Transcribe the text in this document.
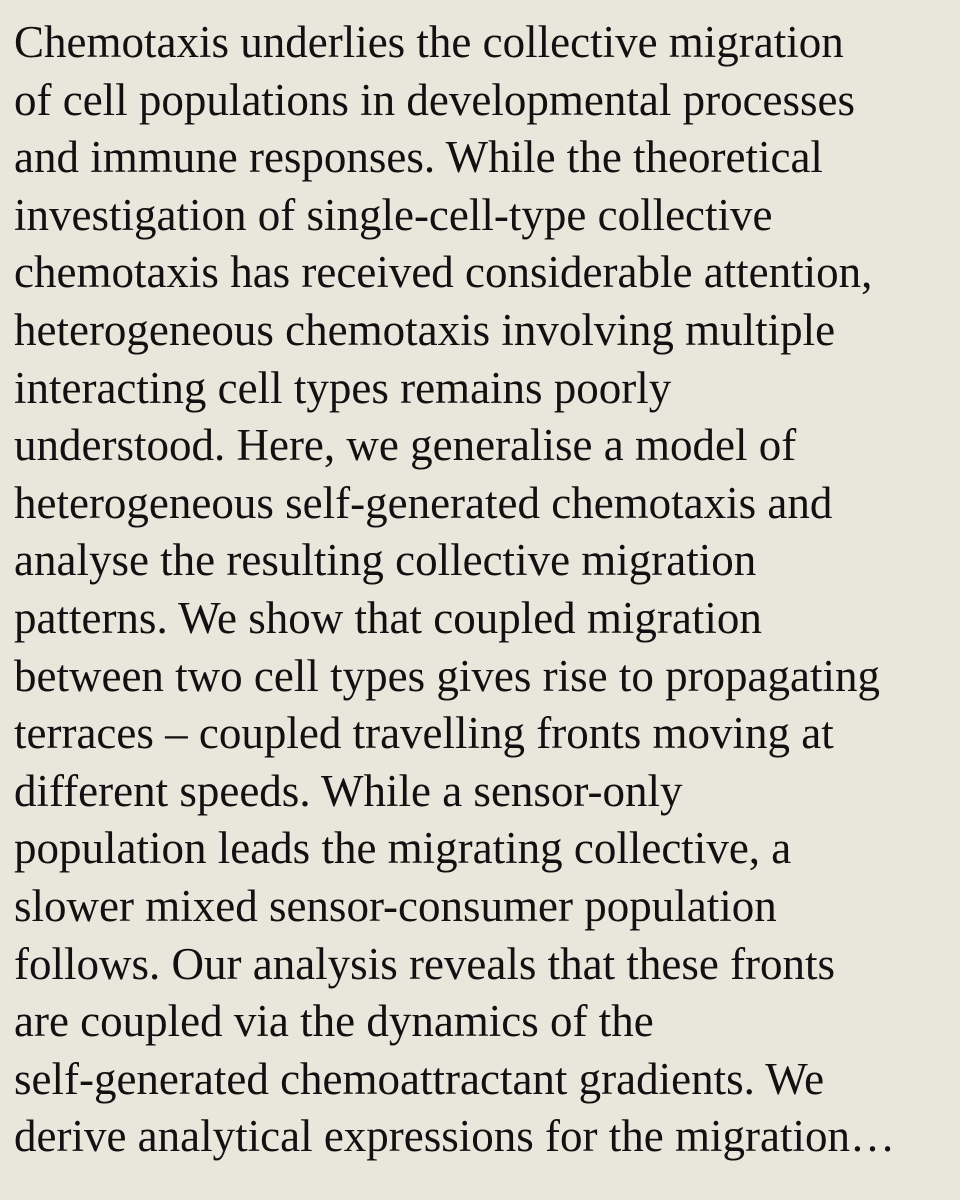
Chemotaxis underlies the collective migration
of cell populations in developmental processes
and immune responses. While the theoretical
investigation of single-cell-type collective
chemotaxis has received considerable attention,
heterogeneous chemotaxis involving multiple
interacting cell types remains poorly
understood. Here, we generalise a model of
heterogeneous self-generated chemotaxis and
analyse the resulting collective migration
patterns. We show that coupled migration
between two cell types gives rise to propagating
terraces – coupled travelling fronts moving at
different speeds. While a sensor-only
population leads the migrating collective, a
slower mixed sensor-consumer population
follows. Our analysis reveals that these fronts
are coupled via the dynamics of the
self-generated chemoattractant gradients. We
derive analytical expressions for the migration…
